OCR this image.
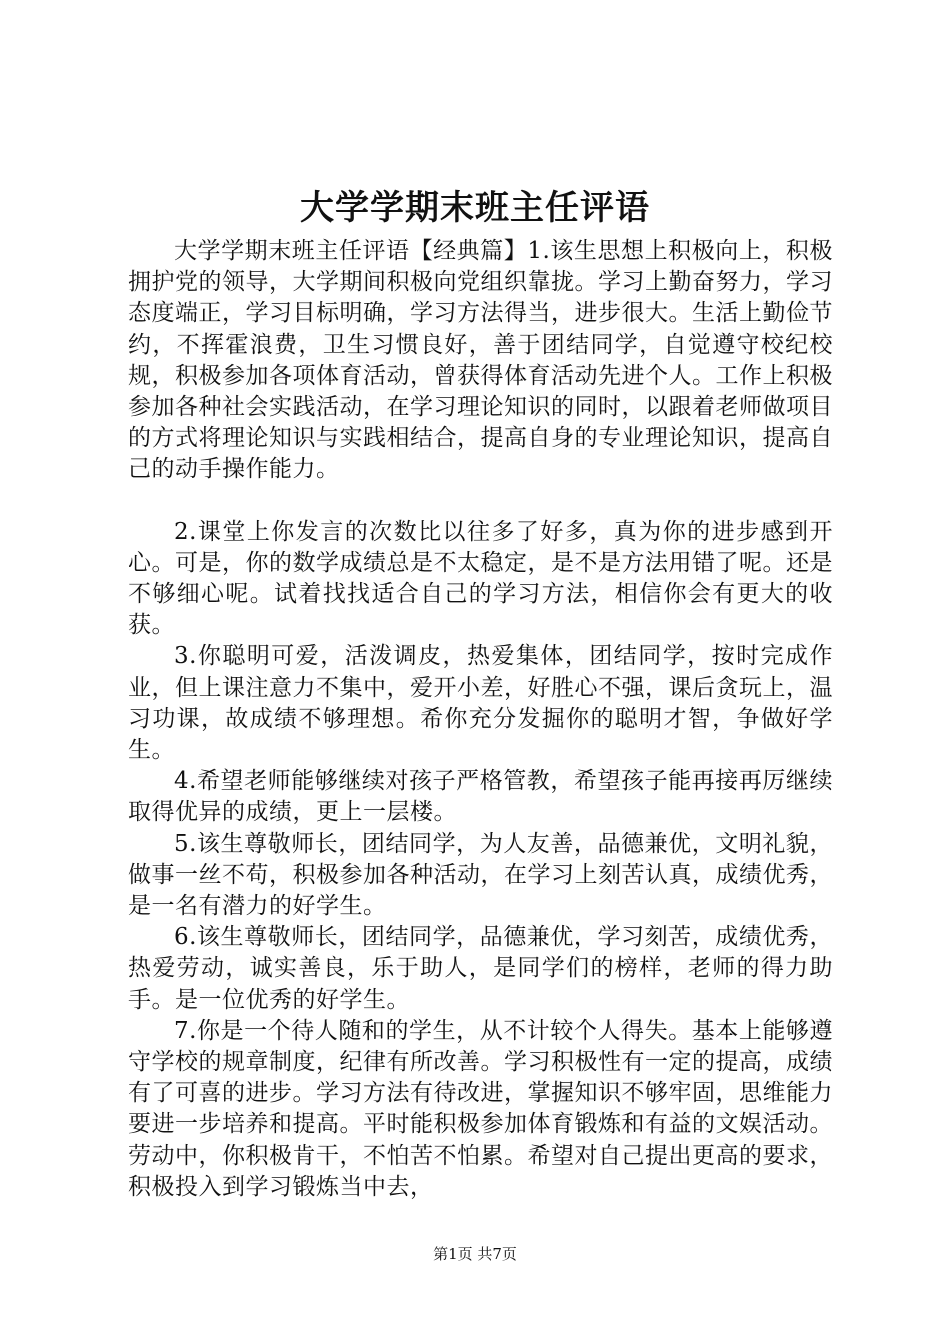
大学学期末班主任评语

大学学期末班主任评语【经典篇】1.该生思想上积极向上，积极拥护党的领导，大学期间积极向党组织靠拢。学习上勤奋努力，学习态度端正，学习目标明确，学习方法得当，进步很大。生活上勤俭节约，不挥霍浪费，卫生习惯良好，善于团结同学，自觉遵守校纪校规，积极参加各项体育活动，曾获得体育活动先进个人。工作上积极参加各种社会实践活动，在学习理论知识的同时，以跟着老师做项目的方式将理论知识与实践相结合，提高自身的专业理论知识，提高自己的动手操作能力。

2.课堂上你发言的次数比以往多了好多，真为你的进步感到开心。可是，你的数学成绩总是不太稳定，是不是方法用错了呢。还是不够细心呢。试着找找适合自己的学习方法，相信你会有更大的收获。

3.你聪明可爱，活泼调皮，热爱集体，团结同学，按时完成作业，但上课注意力不集中，爱开小差，好胜心不强，课后贪玩上，温习功课，故成绩不够理想。希你充分发掘你的聪明才智，争做好学生。

4.希望老师能够继续对孩子严格管教，希望孩子能再接再厉继续取得优异的成绩，更上一层楼。

5.该生尊敬师长，团结同学，为人友善，品德兼优，文明礼貌，做事一丝不苟，积极参加各种活动，在学习上刻苦认真，成绩优秀，是一名有潜力的好学生。

6.该生尊敬师长，团结同学，品德兼优，学习刻苦，成绩优秀，热爱劳动，诚实善良，乐于助人，是同学们的榜样，老师的得力助手。是一位优秀的好学生。

7.你是一个待人随和的学生，从不计较个人得失。基本上能够遵守学校的规章制度，纪律有所改善。学习积极性有一定的提高，成绩有了可喜的进步。学习方法有待改进，掌握知识不够牢固，思维能力要进一步培养和提高。平时能积极参加体育锻炼和有益的文娱活动。劳动中，你积极肯干，不怕苦不怕累。希望对自己提出更高的要求，积极投入到学习锻炼当中去，

第1页 共7页
